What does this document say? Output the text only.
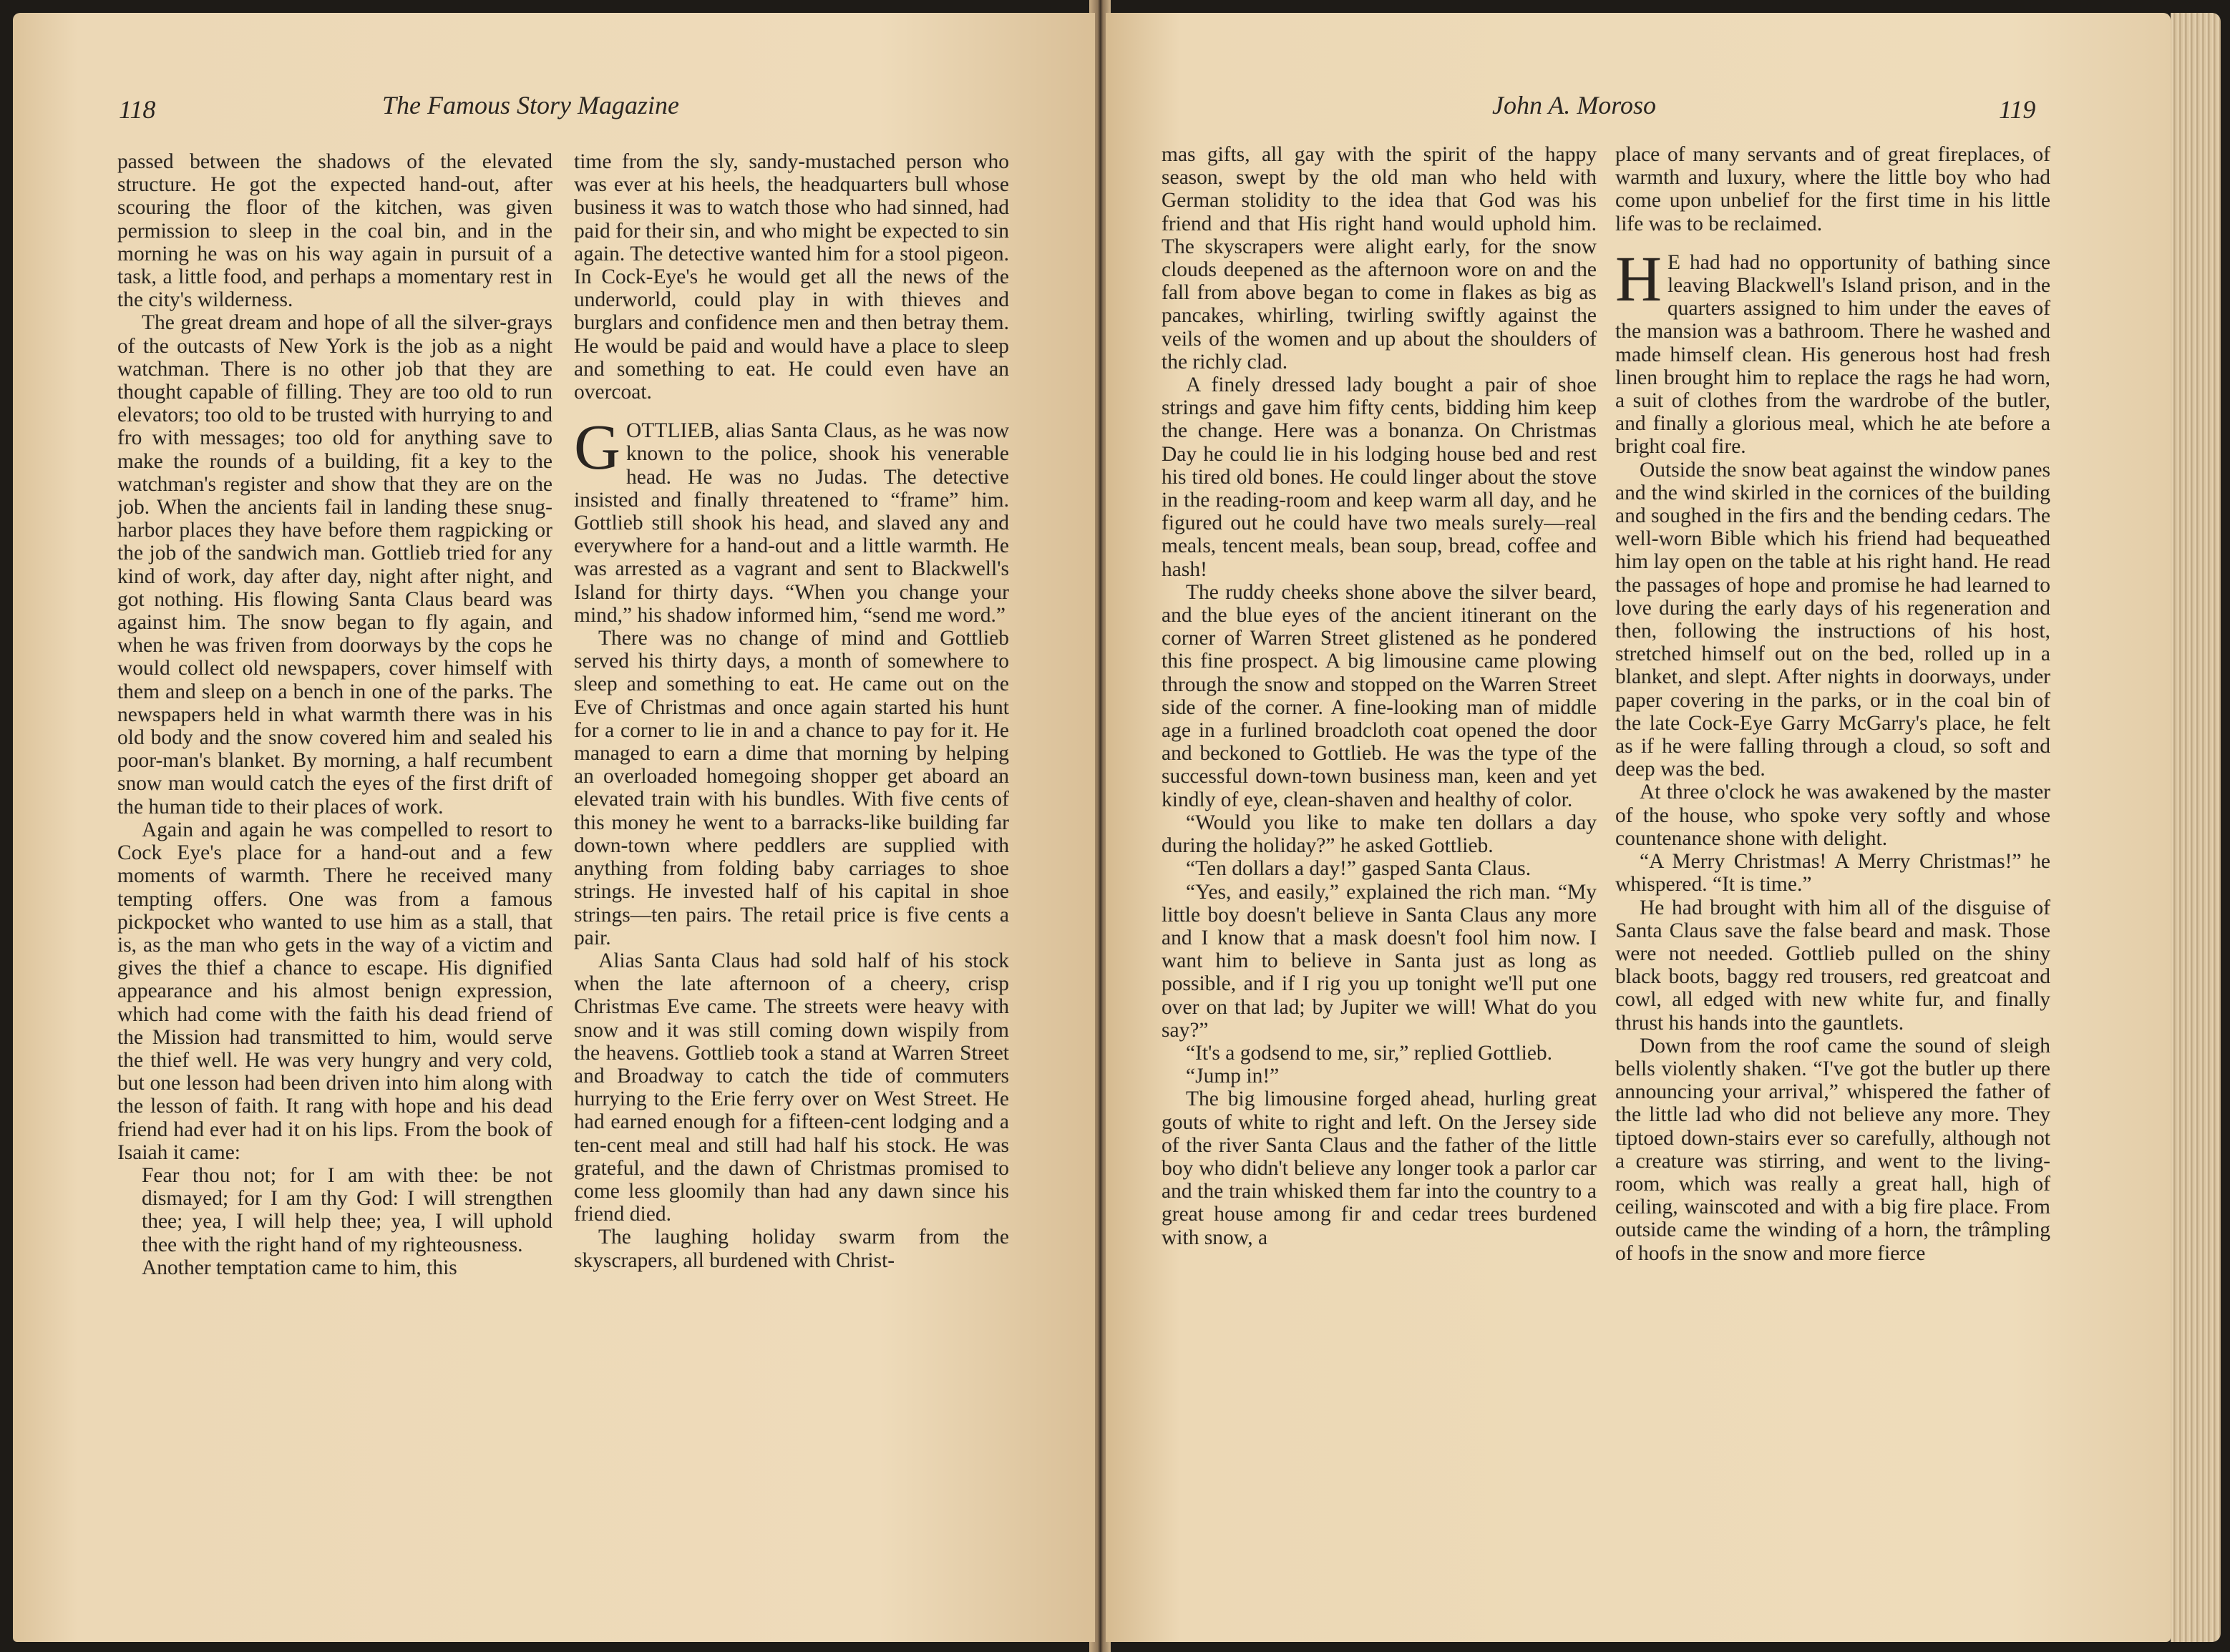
118	The Famous Story Magazine

passed between the shadows of the elevated structure. He got the expected hand-out, after scouring the floor of the kitchen, was given permission to sleep in the coal bin, and in the morning he was on his way again in pursuit of a task, a little food, and perhaps a momentary rest in the city's wilderness.

The great dream and hope of all the silver-grays of the outcasts of New York is the job as a night watchman. There is no other job that they are thought capable of filling. They are too old to run elevators; too old to be trusted with hurrying to and fro with messages; too old for anything save to make the rounds of a building, fit a key to the watchman's register and show that they are on the job. When the ancients fail in landing these snug-harbor places they have before them ragpicking or the job of the sandwich man. Gottlieb tried for any kind of work, day after day, night after night, and got nothing. His flowing Santa Claus beard was against him. The snow began to fly again, and when he was friven from doorways by the cops he would collect old newspapers, cover himself with them and sleep on a bench in one of the parks. The newspapers held in what warmth there was in his old body and the snow covered him and sealed his poor-man's blanket. By morning, a half recumbent snow man would catch the eyes of the first drift of the human tide to their places of work.

Again and again he was compelled to resort to Cock Eye's place for a hand-out and a few moments of warmth. There he received many tempting offers. One was from a famous pickpocket who wanted to use him as a stall, that is, as the man who gets in the way of a victim and gives the thief a chance to escape. His dignified appearance and his almost benign expression, which had come with the faith his dead friend of the Mission had transmitted to him, would serve the thief well. He was very hungry and very cold, but one lesson had been driven into him along with the lesson of faith. It rang with hope and his dead friend had ever had it on his lips. From the book of Isaiah it came:

Fear thou not; for I am with thee: be not dismayed; for I am thy God: I will strengthen thee; yea, I will help thee; yea, I will uphold thee with the right hand of my righteousness.

Another temptation came to him, this

time from the sly, sandy-mustached person who was ever at his heels, the headquarters bull whose business it was to watch those who had sinned, had paid for their sin, and who might be expected to sin again. The detective wanted him for a stool pigeon. In Cock-Eye's he would get all the news of the underworld, could play in with thieves and burglars and confidence men and then betray them. He would be paid and would have a place to sleep and something to eat. He could even have an overcoat.

GOTTLIEB, alias Santa Claus, as he was now known to the police, shook his venerable head. He was no Judas. The detective insisted and finally threatened to “frame” him. Gottlieb still shook his head, and slaved any and everywhere for a hand-out and a little warmth. He was arrested as a vagrant and sent to Blackwell's Island for thirty days. “When you change your mind,” his shadow informed him, “send me word.”

There was no change of mind and Gottlieb served his thirty days, a month of somewhere to sleep and something to eat. He came out on the Eve of Christmas and once again started his hunt for a corner to lie in and a chance to pay for it. He managed to earn a dime that morning by helping an overloaded homegoing shopper get aboard an elevated train with his bundles. With five cents of this money he went to a barracks-like building far down-town where peddlers are supplied with anything from folding baby carriages to shoe strings. He invested half of his capital in shoe strings—ten pairs. The retail price is five cents a pair.

Alias Santa Claus had sold half of his stock when the late afternoon of a cheery, crisp Christmas Eve came. The streets were heavy with snow and it was still coming down wispily from the heavens. Gottlieb took a stand at Warren Street and Broadway to catch the tide of commuters hurrying to the Erie ferry over on West Street. He had earned enough for a fifteen-cent lodging and a ten-cent meal and still had half his stock. He was grateful, and the dawn of Christmas promised to come less gloomily than had any dawn since his friend died.

The laughing holiday swarm from the skyscrapers, all burdened with Christ-

John A. Moroso	119

mas gifts, all gay with the spirit of the happy season, swept by the old man who held with German stolidity to the idea that God was his friend and that His right hand would uphold him. The skyscrapers were alight early, for the snow clouds deepened as the afternoon wore on and the fall from above began to come in flakes as big as pancakes, whirling, twirling swiftly against the veils of the women and up about the shoulders of the richly clad.

A finely dressed lady bought a pair of shoe strings and gave him fifty cents, bidding him keep the change. Here was a bonanza. On Christmas Day he could lie in his lodging house bed and rest his tired old bones. He could linger about the stove in the reading-room and keep warm all day, and he figured out he could have two meals surely—real meals, tencent meals, bean soup, bread, coffee and hash!

The ruddy cheeks shone above the silver beard, and the blue eyes of the ancient itinerant on the corner of Warren Street glistened as he pondered this fine prospect. A big limousine came plowing through the snow and stopped on the Warren Street side of the corner. A fine-looking man of middle age in a furlined broadcloth coat opened the door and beckoned to Gottlieb. He was the type of the successful down-town business man, keen and yet kindly of eye, clean-shaven and healthy of color.

“Would you like to make ten dollars a day during the holiday?” he asked Gottlieb.

“Ten dollars a day!” gasped Santa Claus.

“Yes, and easily,” explained the rich man. “My little boy doesn't believe in Santa Claus any more and I know that a mask doesn't fool him now. I want him to believe in Santa just as long as possible, and if I rig you up tonight we'll put one over on that lad; by Jupiter we will! What do you say?”

“It's a godsend to me, sir,” replied Gottlieb.

“Jump in!”

The big limousine forged ahead, hurling great gouts of white to right and left. On the Jersey side of the river Santa Claus and the father of the little boy who didn't believe any longer took a parlor car and the train whisked them far into the country to a great house among fir and cedar trees burdened with snow, a

place of many servants and of great fireplaces, of warmth and luxury, where the little boy who had come upon unbelief for the first time in his little life was to be reclaimed.

H E had had no opportunity of bathing since leaving Blackwell's Island prison, and in the quarters assigned to him under the eaves of the mansion was a bathroom. There he washed and made himself clean. His generous host had fresh linen brought him to replace the rags he had worn, a suit of clothes from the wardrobe of the butler, and finally a glorious meal, which he ate before a bright coal fire.

Outside the snow beat against the window panes and the wind skirled in the cornices of the building and soughed in the firs and the bending cedars. The well-worn Bible which his friend had bequeathed him lay open on the table at his right hand. He read the passages of hope and promise he had learned to love during the early days of his regeneration and then, following the instructions of his host, stretched himself out on the bed, rolled up in a blanket, and slept. After nights in doorways, under paper covering in the parks, or in the coal bin of the late Cock-Eye Garry McGarry's place, he felt as if he were falling through a cloud, so soft and deep was the bed.

At three o'clock he was awakened by the master of the house, who spoke very softly and whose countenance shone with delight.

“A Merry Christmas! A Merry Christmas!” he whispered. “It is time.”

He had brought with him all of the disguise of Santa Claus save the false beard and mask. Those were not needed. Gottlieb pulled on the shiny black boots, baggy red trousers, red greatcoat and cowl, all edged with new white fur, and finally thrust his hands into the gauntlets.

Down from the roof came the sound of sleigh bells violently shaken. “I've got the butler up there announcing your arrival,” whispered the father of the little lad who did not believe any more. They tiptoed down-stairs ever so carefully, although not a creature was stirring, and went to the living-room, which was really a great hall, high of ceiling, wainscoted and with a big fire place. From outside came the winding of a horn, the trâmpling of hoofs in the snow and more fierce
